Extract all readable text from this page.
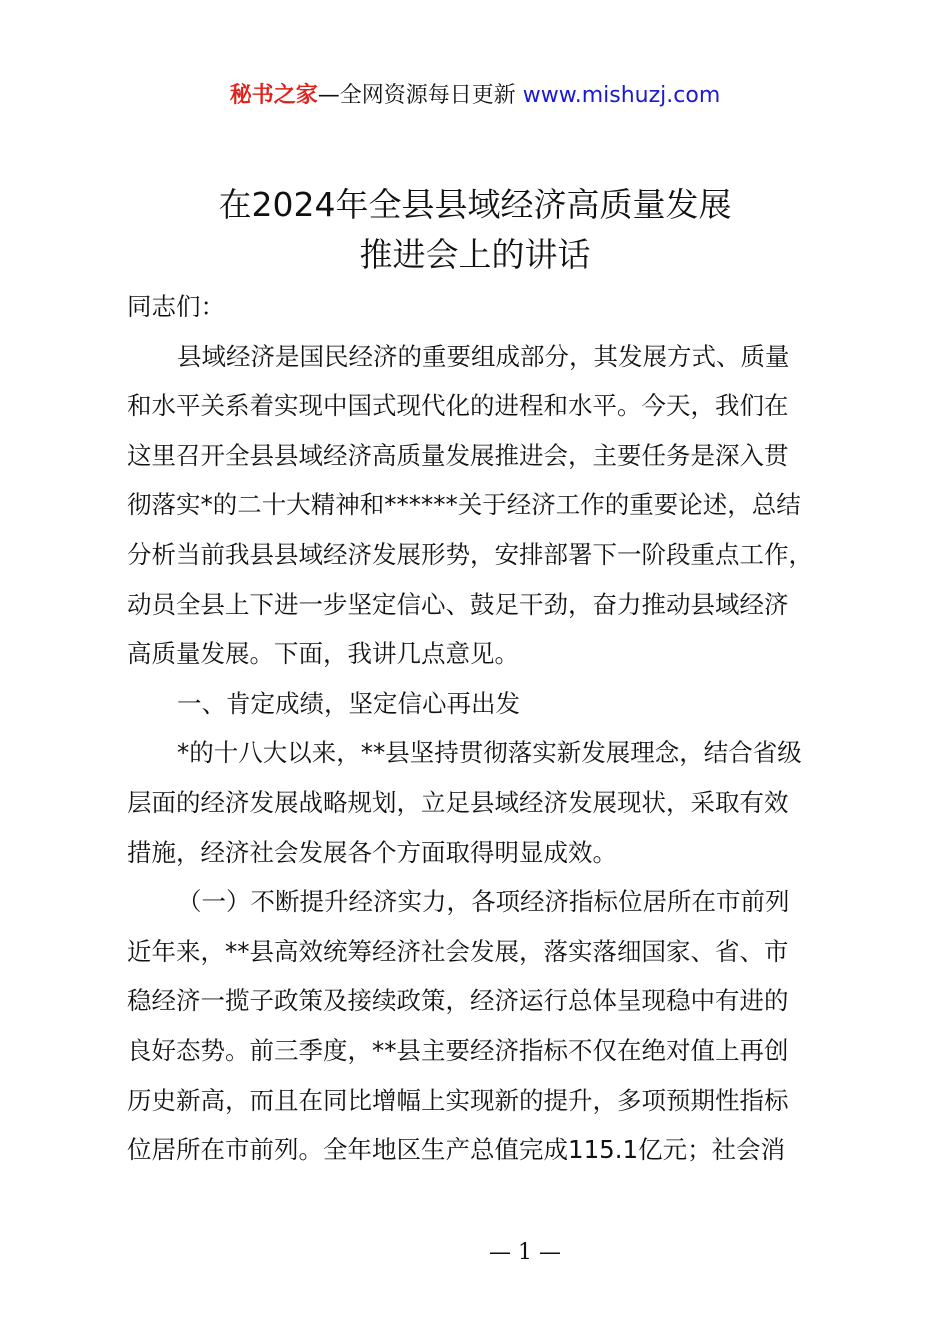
秘书之家—全网资源每日更新 www.mishuzj.com
在2024年全县县域经济高质量发展
推进会上的讲话
同志们：
县域经济是国民经济的重要组成部分，其发展方式、质量
和水平关系着实现中国式现代化的进程和水平。今天，我们在
这里召开全县县域经济高质量发展推进会，主要任务是深入贯
彻落实*的二十大精神和******关于经济工作的重要论述，总结
分析当前我县县域经济发展形势，安排部署下一阶段重点工作，
动员全县上下进一步坚定信心、鼓足干劲，奋力推动县域经济
高质量发展。下面，我讲几点意见。
一、肯定成绩，坚定信心再出发
*的十八大以来，**县坚持贯彻落实新发展理念，结合省级
层面的经济发展战略规划，立足县域经济发展现状，采取有效
措施，经济社会发展各个方面取得明显成效。
（一）不断提升经济实力，各项经济指标位居所在市前列
近年来，**县高效统筹经济社会发展，落实落细国家、省、市
稳经济一揽子政策及接续政策，经济运行总体呈现稳中有进的
良好态势。前三季度，**县主要经济指标不仅在绝对值上再创
历史新高，而且在同比增幅上实现新的提升，多项预期性指标
位居所在市前列。全年地区生产总值完成115.1亿元；社会消
— 1 —
